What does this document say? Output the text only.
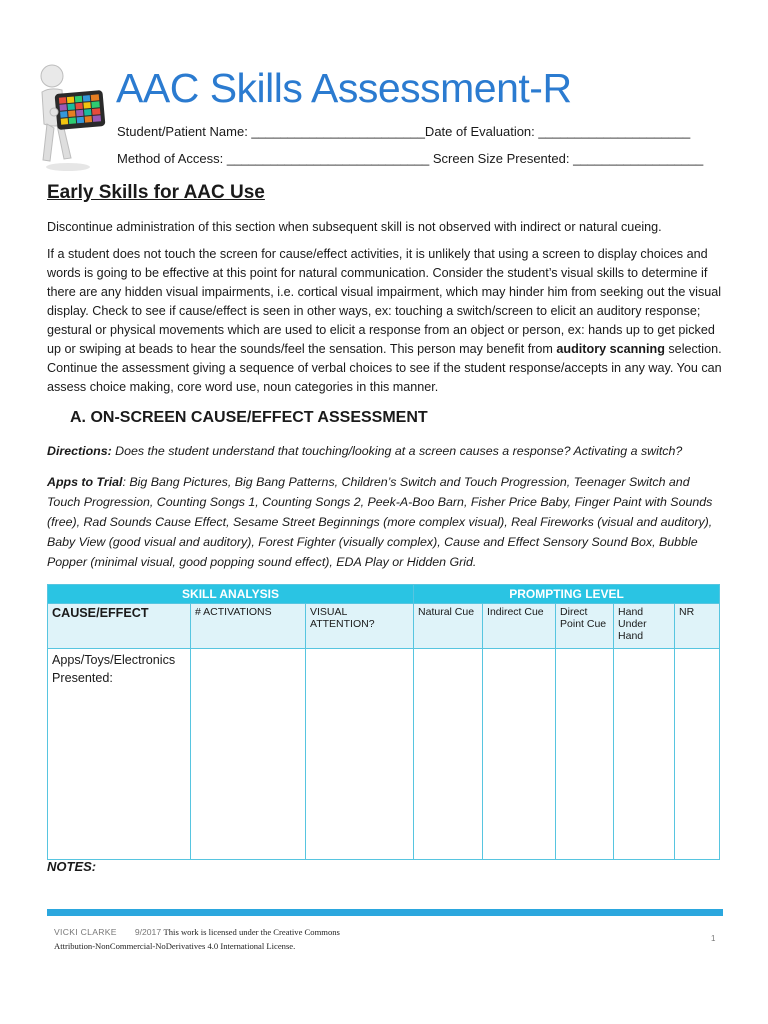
AAC Skills Assessment-R
Student/Patient Name: ________________________Date of Evaluation: _____________________
Method of Access: ____________________________ Screen Size Presented: __________________
Early Skills for AAC Use
Discontinue administration of this section when subsequent skill is not observed with indirect or natural cueing.
If a student does not touch the screen for cause/effect activities, it is unlikely that using a screen to display choices and words is going to be effective at this point for natural communication. Consider the student’s visual skills to determine if there are any hidden visual impairments, i.e. cortical visual impairment, which may hinder him from seeking out the visual display. Check to see if cause/effect is seen in other ways, ex: touching a switch/screen to elicit an auditory response; gestural or physical movements which are used to elicit a response from an object or person, ex: hands up to get picked up or swiping at beads to hear the sounds/feel the sensation. This person may benefit from auditory scanning selection. Continue the assessment giving a sequence of verbal choices to see if the student response/accepts in any way. You can assess choice making, core word use, noun categories in this manner.
A. ON-SCREEN CAUSE/EFFECT ASSESSMENT
Directions: Does the student understand that touching/looking at a screen causes a response? Activating a switch?
Apps to Trial: Big Bang Pictures, Big Bang Patterns, Children’s Switch and Touch Progression, Teenager Switch and Touch Progression, Counting Songs 1, Counting Songs 2, Peek-A-Boo Barn, Fisher Price Baby, Finger Paint with Sounds (free), Rad Sounds Cause Effect, Sesame Street Beginnings (more complex visual), Real Fireworks (visual and auditory), Baby View (good visual and auditory), Forest Fighter (visually complex), Cause and Effect Sensory Sound Box, Bubble Popper (minimal visual, good popping sound effect), EDA Play or Hidden Grid.
SKILL ANALYSIS			PROMPTING LEVEL				
CAUSE/EFFECT	# ACTIVATIONS	VISUAL ATTENTION?	Natural Cue	Indirect Cue	Direct Point Cue	Hand Under Hand	NR
Apps/Toys/Electronics Presented:							
NOTES:
VICKI CLARKE 9/2017 This work is licensed under the Creative Commons
Attribution-NonCommercial-NoDerivatives 4.0 International License.
1
